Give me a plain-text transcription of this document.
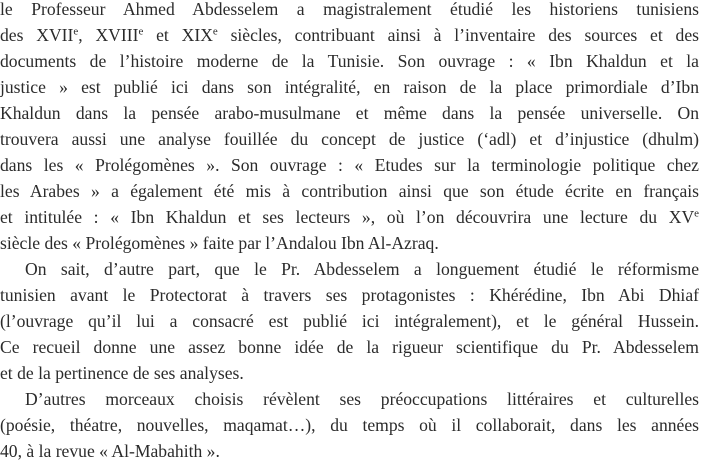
le Professeur Ahmed Abdesselem a magistralement étudié les historiens tunisiens
des XVIIe, XVIIIe et XIXe siècles, contribuant ainsi à l’inventaire des sources et des
documents de l’histoire moderne de la Tunisie. Son ouvrage : « Ibn Khaldun et la
justice » est publié ici dans son intégralité, en raison de la place primordiale d’Ibn
Khaldun dans la pensée arabo-musulmane et même dans la pensée universelle. On
trouvera aussi une analyse fouillée du concept de justice (‘adl) et d’injustice (dhulm)
dans les « Prolégomènes ». Son ouvrage : « Etudes sur la terminologie politique chez
les Arabes » a également été mis à contribution ainsi que son étude écrite en français
et intitulée : « Ibn Khaldun et ses lecteurs », où l’on découvrira une lecture du XVe
siècle des « Prolégomènes » faite par l’Andalou Ibn Al-Azraq.
On sait, d’autre part, que le Pr. Abdesselem a longuement étudié le réformisme
tunisien avant le Protectorat à travers ses protagonistes : Khérédine, Ibn Abi Dhiaf
(l’ouvrage qu’il lui a consacré est publié ici intégralement), et le général Hussein.
Ce recueil donne une assez bonne idée de la rigueur scientifique du Pr. Abdesselem
et de la pertinence de ses analyses.
D’autres morceaux choisis révèlent ses préoccupations littéraires et culturelles
(poésie, théatre, nouvelles, maqamat…), du temps où il collaborait, dans les années
40, à la revue « Al-Mabahith ».
